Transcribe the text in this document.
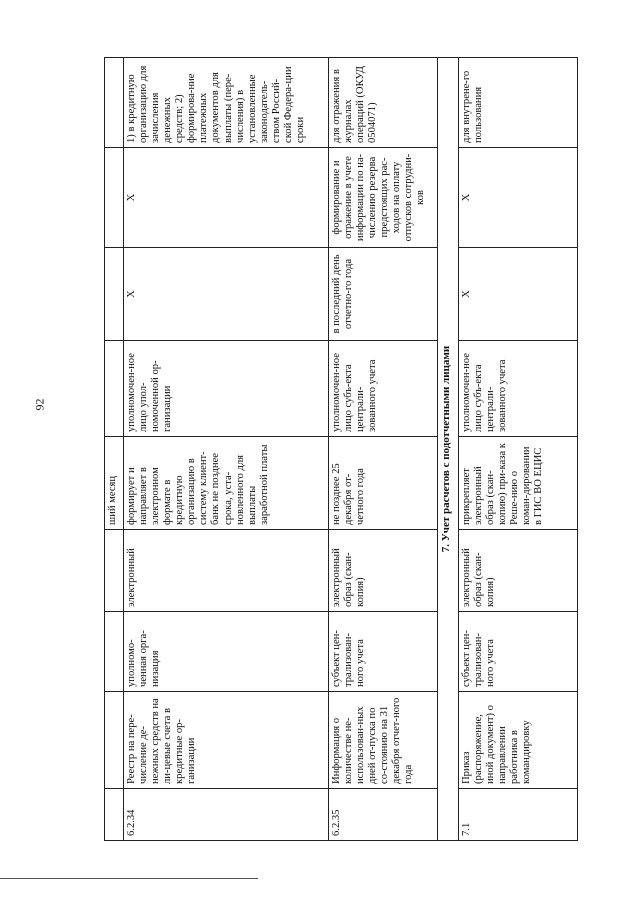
92
				ший месяц				
6.2.34	Реестр на пере-числение де-нежных средств на ли-цевые счета в кредитные ор-ганизации	уполномо-ченная орга-низация	электронный	формирует и направляет в электронном формате в кредитную организацию в систему клиент- банк не позднее срока, уста-новленного для выплаты заработной платы	уполномочен-ное лицо упол-номоченной ор-ганизации	X	X	1) в кредитную организацию для зачисления денежных средств; 2) формирова-ние платежных документов для выплаты (пере-числения) в установленные законодатель-ством Россий-ской Федера-ции сроки
6.2.35	Информация о количестве не-использован-ных дней от-пуска по со-стоянию на 31 декабря отчет-ного года	субъект цен-трализован-ного учета	электронный образ (скан-копия)	не позднее 25 декабря от-четного года	уполномочен-ное лицо субъ-екта централи-зованного учета	в последний день отчетно-го года	формирование и отражение в учете информации по на-числению резерва предстоящих рас-ходов на оплату отпусков сотрудни-ков	для отражения в журналах операций (ОКУД 0504071)
7. Учет расчетов с подотчетными лицами								
7.1	Приказ (распоряжение, иной документ) о направлении работника в командировку	субъект цен-трализован-ного учета	электронный образ (скан-копия)	прикрепляет электронный образ (скан-копию) при-каза к Реше-нию о коман-дировании в ГИС ВО ЕЦИС	уполномочен-ное лицо субъ-екта централи-зованного учета	X	X	для внутрене-го пользования
